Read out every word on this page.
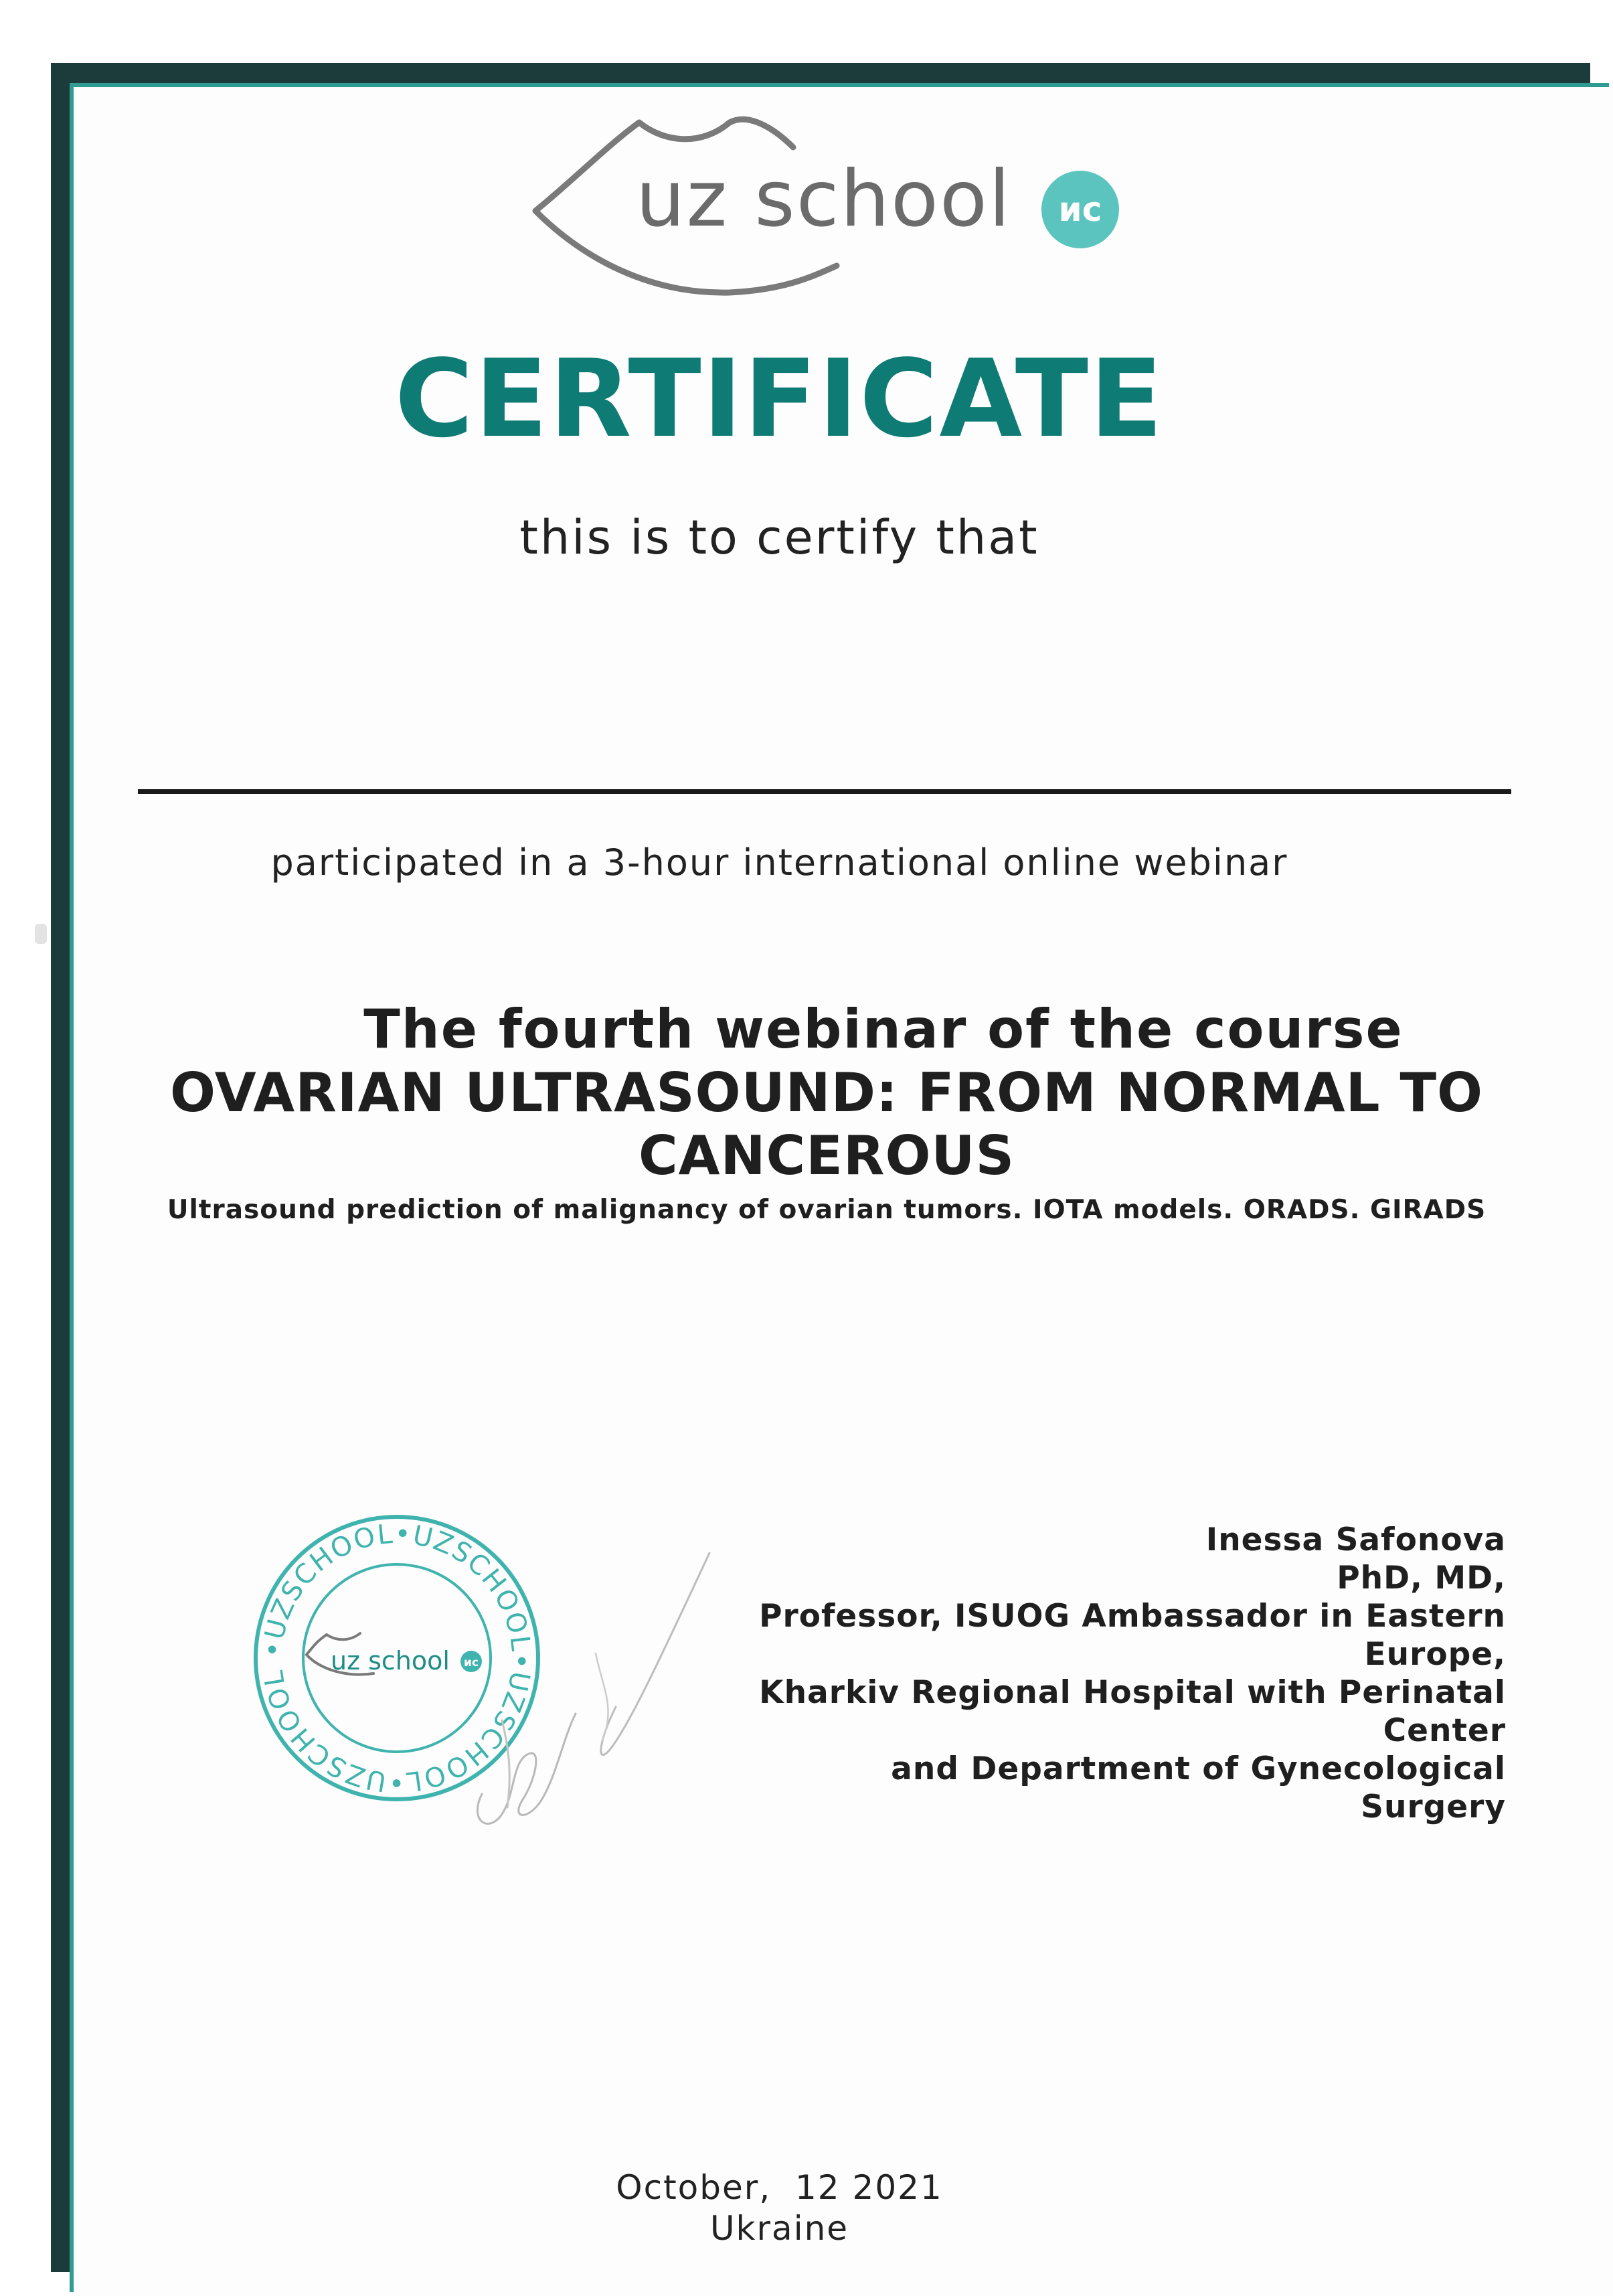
uz school	ис
CERTIFICATE
this is to certify that
participated in a 3-hour international online webinar
The fourth webinar of the course
OVARIAN ULTRASOUND: FROM NORMAL TO CANCEROUS
Ultrasound prediction of malignancy of ovarian tumors. IOTA models. ORADS. GIRADS
•UZSCHOOL•UZSCHOOL•UZSCHOOL•UZSCHOOL
uz school ис
Inessa Safonova
PhD, MD,
Professor, ISUOG Ambassador in Eastern
Europe,
Kharkiv Regional Hospital with Perinatal
Center
and Department of Gynecological Surgery
October,  12 2021
Ukraine
